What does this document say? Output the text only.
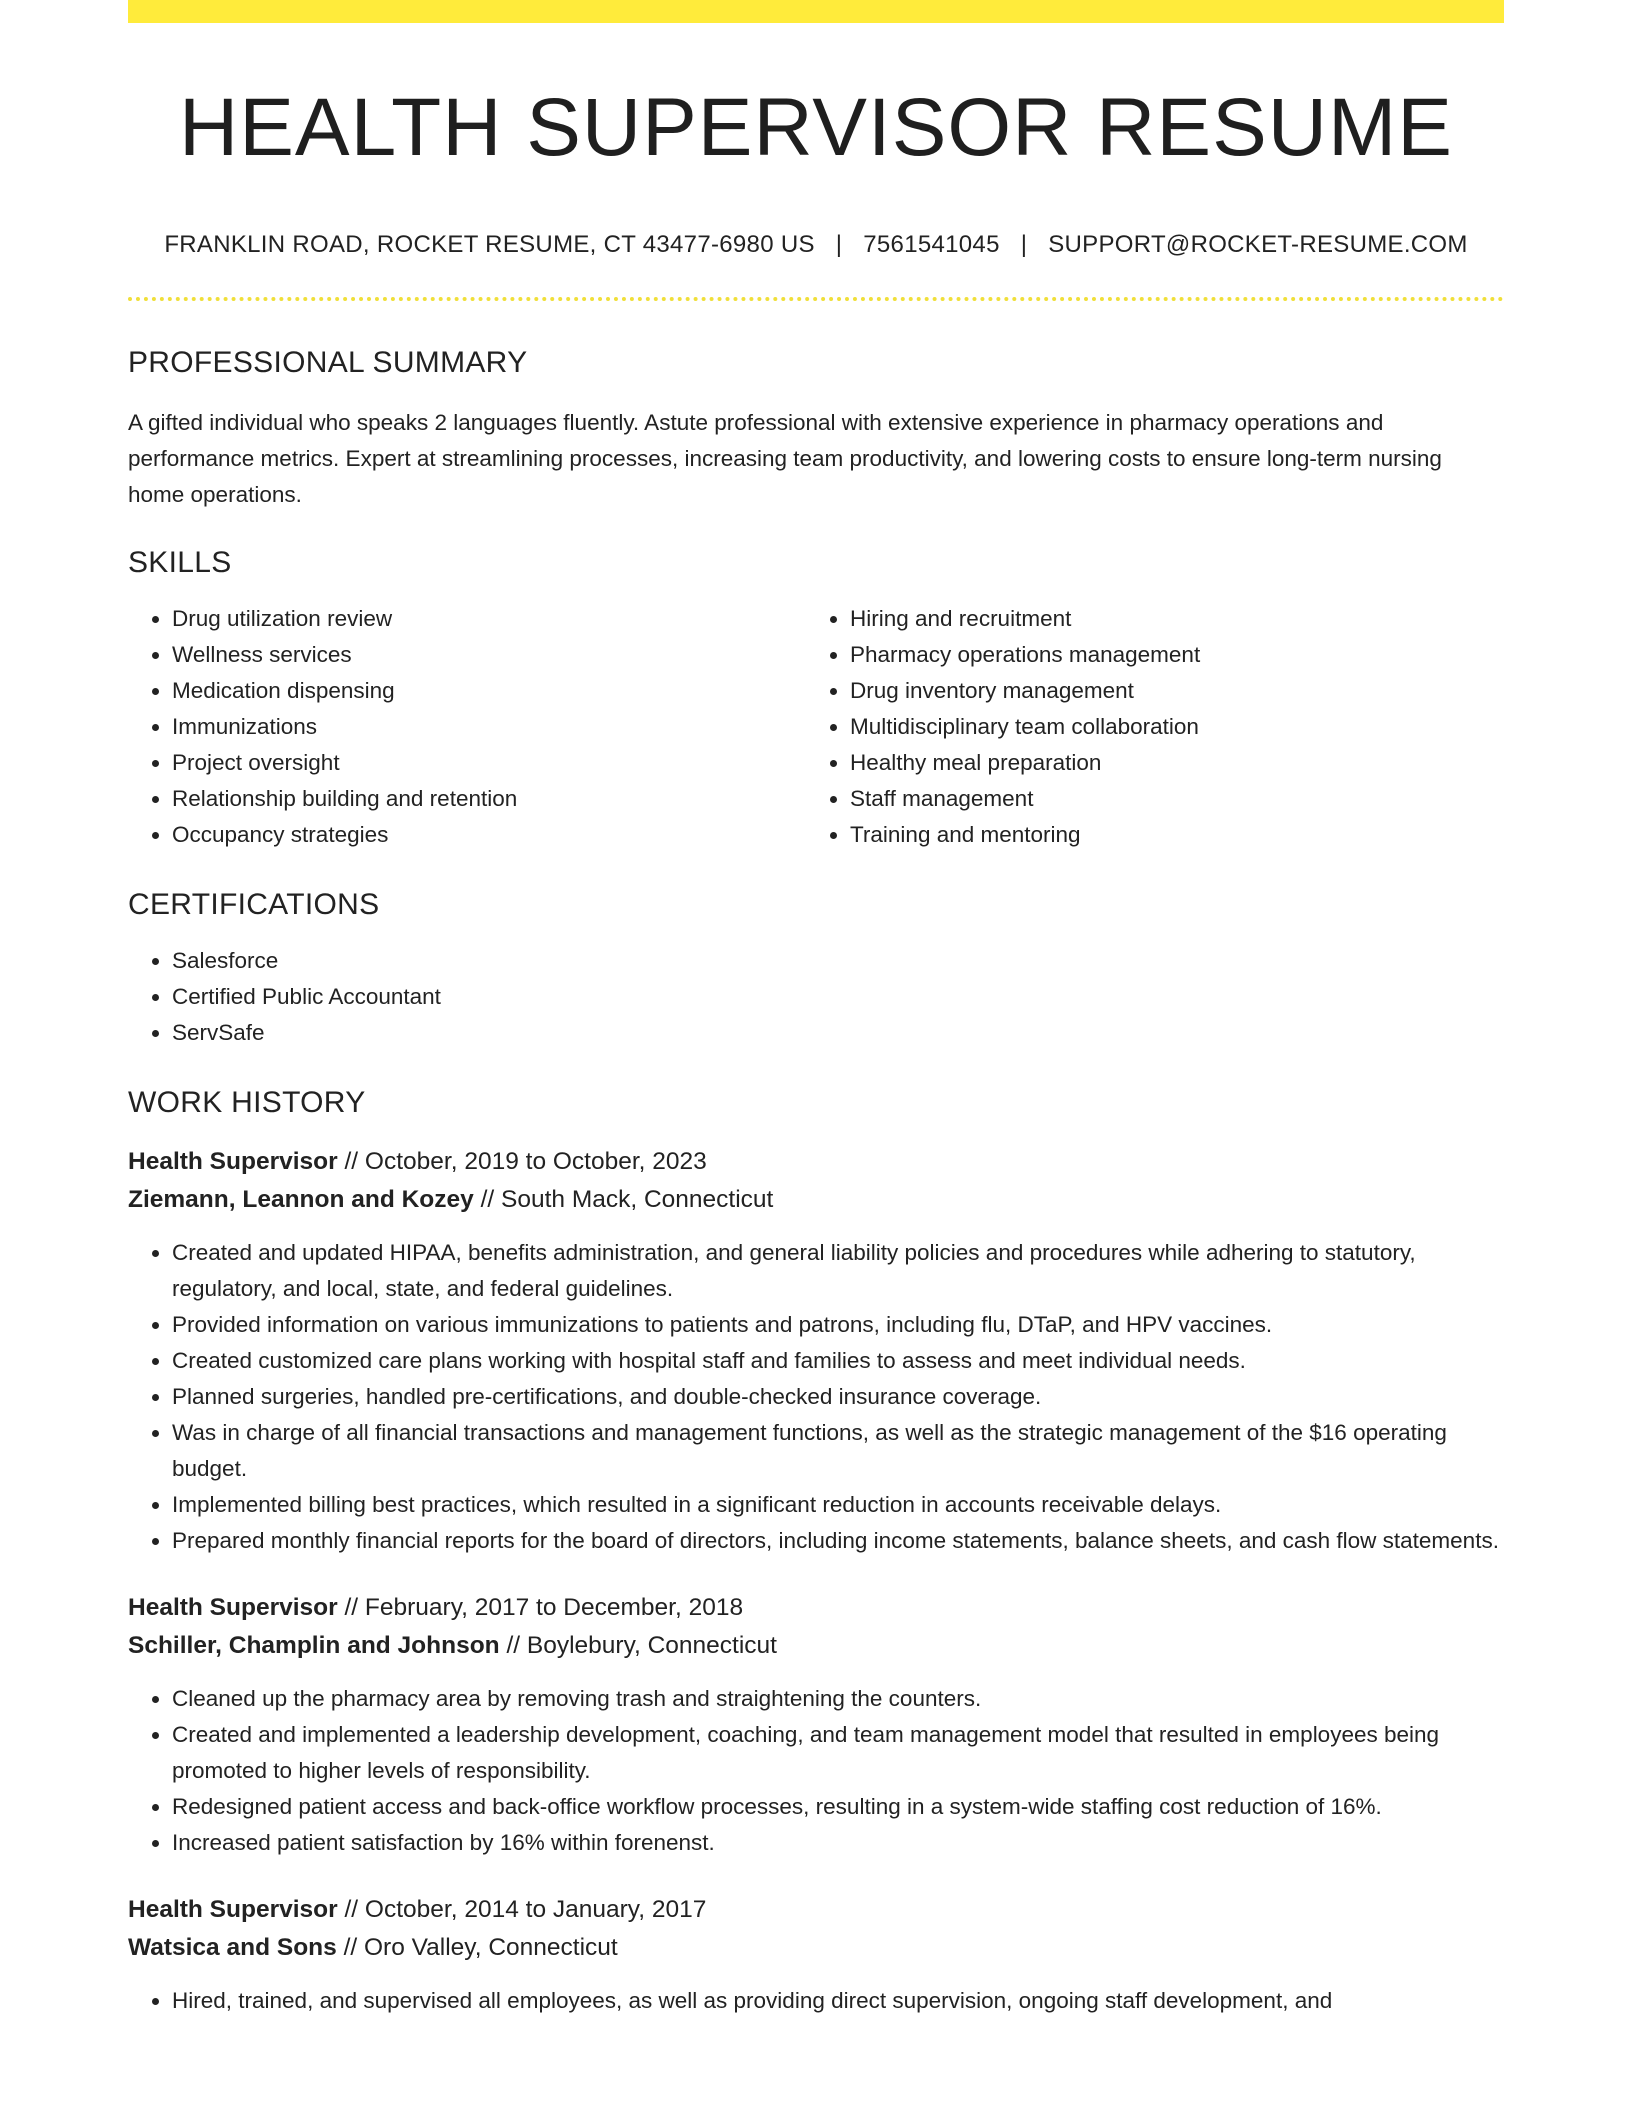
HEALTH SUPERVISOR RESUME
FRANKLIN ROAD, ROCKET RESUME, CT 43477-6980 US | 7561541045 | SUPPORT@ROCKET-RESUME.COM
PROFESSIONAL SUMMARY

A gifted individual who speaks 2 languages fluently. Astute professional with extensive experience in pharmacy operations and performance metrics. Expert at streamlining processes, increasing team productivity, and lowering costs to ensure long-term nursing home operations.

SKILLS
• Drug utilization review
• Wellness services
• Medication dispensing
• Immunizations
• Project oversight
• Relationship building and retention
• Occupancy strategies
• Hiring and recruitment
• Pharmacy operations management
• Drug inventory management
• Multidisciplinary team collaboration
• Healthy meal preparation
• Staff management
• Training and mentoring
CERTIFICATIONS
• Salesforce
• Certified Public Accountant
• ServSafe
WORK HISTORY
Health Supervisor // October, 2019 to October, 2023
Ziemann, Leannon and Kozey // South Mack, Connecticut
• Created and updated HIPAA, benefits administration, and general liability policies and procedures while adhering to statutory, regulatory, and local, state, and federal guidelines.
• Provided information on various immunizations to patients and patrons, including flu, DTaP, and HPV vaccines.
• Created customized care plans working with hospital staff and families to assess and meet individual needs.
• Planned surgeries, handled pre-certifications, and double-checked insurance coverage.
• Was in charge of all financial transactions and management functions, as well as the strategic management of the $16 operating budget.
• Implemented billing best practices, which resulted in a significant reduction in accounts receivable delays.
• Prepared monthly financial reports for the board of directors, including income statements, balance sheets, and cash flow statements.
Health Supervisor // February, 2017 to December, 2018
Schiller, Champlin and Johnson // Boylebury, Connecticut
• Cleaned up the pharmacy area by removing trash and straightening the counters.
• Created and implemented a leadership development, coaching, and team management model that resulted in employees being promoted to higher levels of responsibility.
• Redesigned patient access and back-office workflow processes, resulting in a system-wide staffing cost reduction of 16%.
• Increased patient satisfaction by 16% within forenenst.
Health Supervisor // October, 2014 to January, 2017
Watsica and Sons // Oro Valley, Connecticut
• Hired, trained, and supervised all employees, as well as providing direct supervision, ongoing staff development, and
